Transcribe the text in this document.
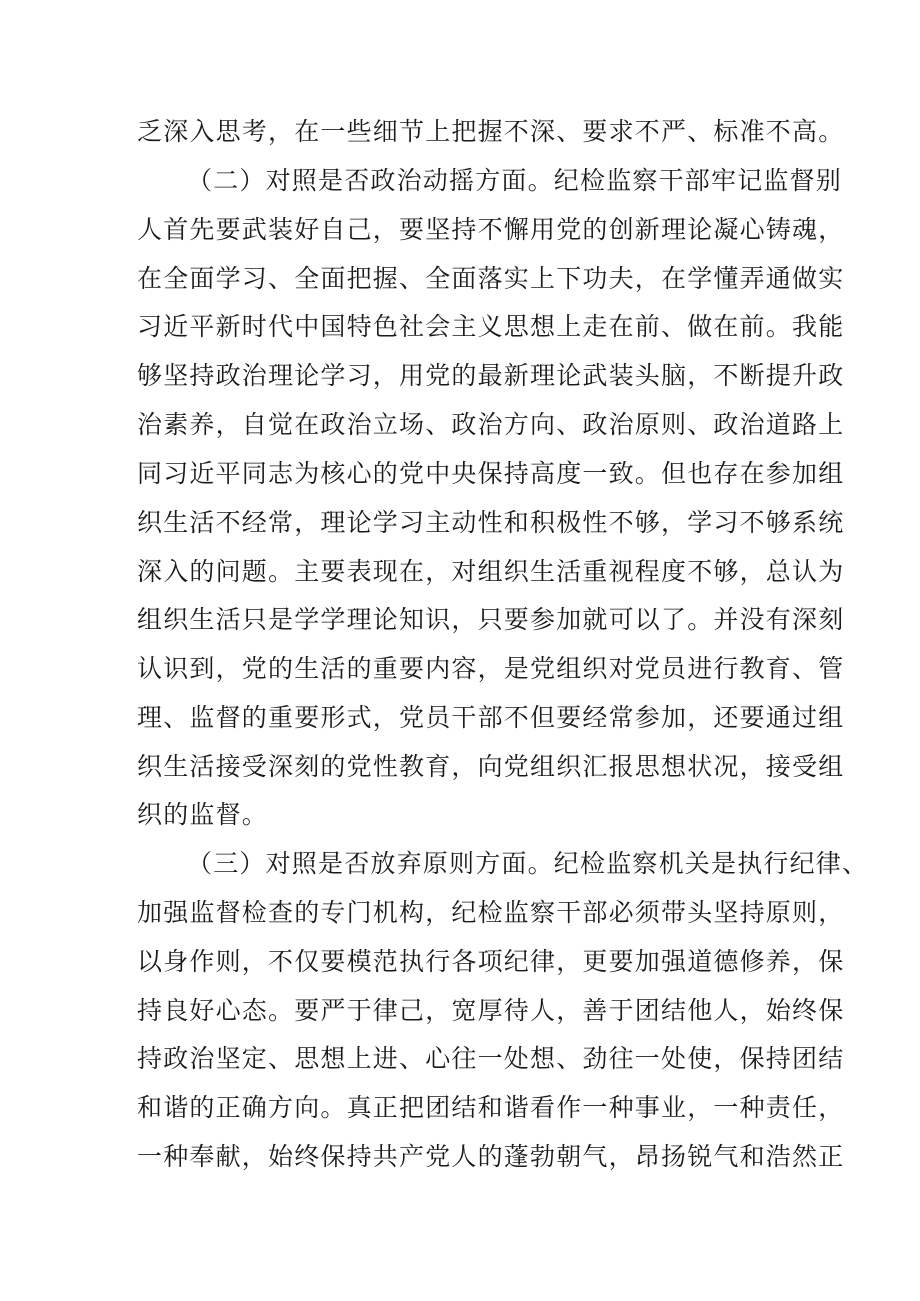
乏深入思考，在一些细节上把握不深、要求不严、标准不高。
（二）对照是否政治动摇方面。纪检监察干部牢记监督别
人首先要武装好自己，要坚持不懈用党的创新理论凝心铸魂，
在全面学习、全面把握、全面落实上下功夫，在学懂弄通做实
习近平新时代中国特色社会主义思想上走在前、做在前。我能
够坚持政治理论学习，用党的最新理论武装头脑，不断提升政
治素养，自觉在政治立场、政治方向、政治原则、政治道路上
同习近平同志为核心的党中央保持高度一致。但也存在参加组
织生活不经常，理论学习主动性和积极性不够，学习不够系统
深入的问题。主要表现在，对组织生活重视程度不够，总认为
组织生活只是学学理论知识，只要参加就可以了。并没有深刻
认识到，党的生活的重要内容，是党组织对党员进行教育、管
理、监督的重要形式，党员干部不但要经常参加，还要通过组
织生活接受深刻的党性教育，向党组织汇报思想状况，接受组
织的监督。
（三）对照是否放弃原则方面。纪检监察机关是执行纪律、
加强监督检查的专门机构，纪检监察干部必须带头坚持原则，
以身作则，不仅要模范执行各项纪律，更要加强道德修养，保
持良好心态。要严于律己，宽厚待人，善于团结他人，始终保
持政治坚定、思想上进、心往一处想、劲往一处使，保持团结
和谐的正确方向。真正把团结和谐看作一种事业，一种责任，
一种奉献，始终保持共产党人的蓬勃朝气，昂扬锐气和浩然正
